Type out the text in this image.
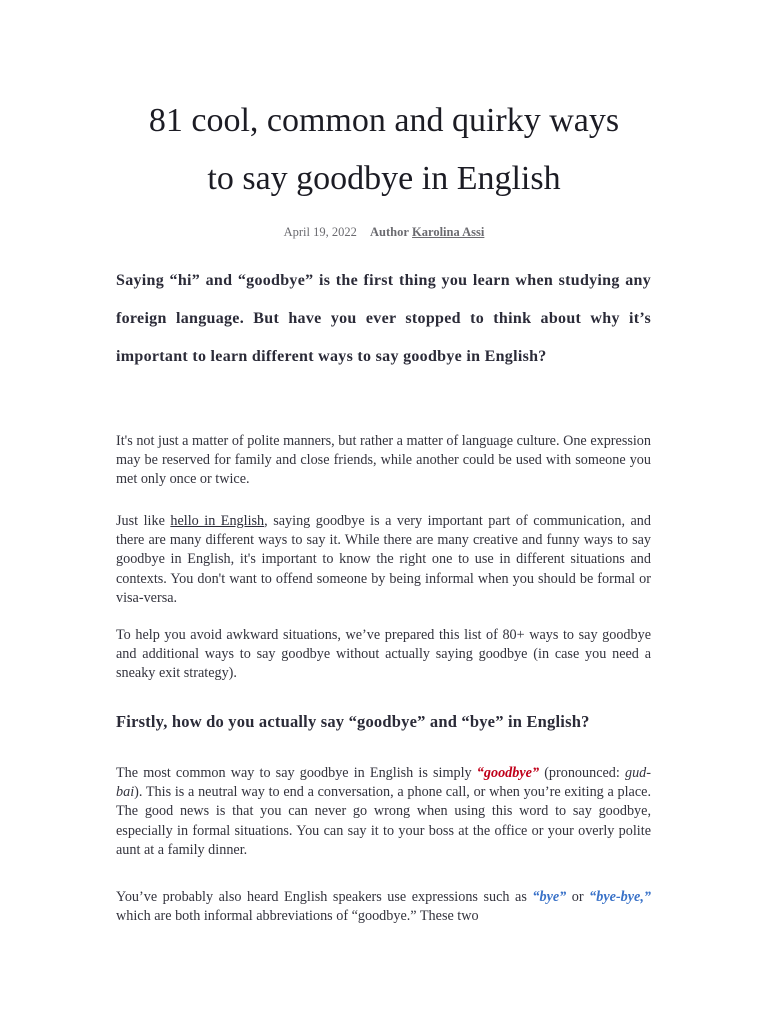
81 cool, common and quirky ways
to say goodbye in English
April 19, 2022 Author Karolina Assi

Saying “hi” and “goodbye” is the first thing you learn when studying any foreign language. But have you ever stopped to think about why it’s important to learn different ways to say goodbye in English?

It's not just a matter of polite manners, but rather a matter of language culture. One expression may be reserved for family and close friends, while another could be used with someone you met only once or twice.

Just like hello in English, saying goodbye is a very important part of communication, and there are many different ways to say it. While there are many creative and funny ways to say goodbye in English, it's important to know the right one to use in different situations and contexts. You don't want to offend someone by being informal when you should be formal or visa-versa.

To help you avoid awkward situations, we’ve prepared this list of 80+ ways to say goodbye and additional ways to say goodbye without actually saying goodbye (in case you need a sneaky exit strategy).

Firstly, how do you actually say “goodbye” and “bye” in English?

The most common way to say goodbye in English is simply “goodbye” (pronounced: gud-bai). This is a neutral way to end a conversation, a phone call, or when you’re exiting a place. The good news is that you can never go wrong when using this word to say goodbye, especially in formal situations. You can say it to your boss at the office or your overly polite aunt at a family dinner.

You’ve probably also heard English speakers use expressions such as “bye” or “bye-bye,” which are both informal abbreviations of “goodbye.” These two
